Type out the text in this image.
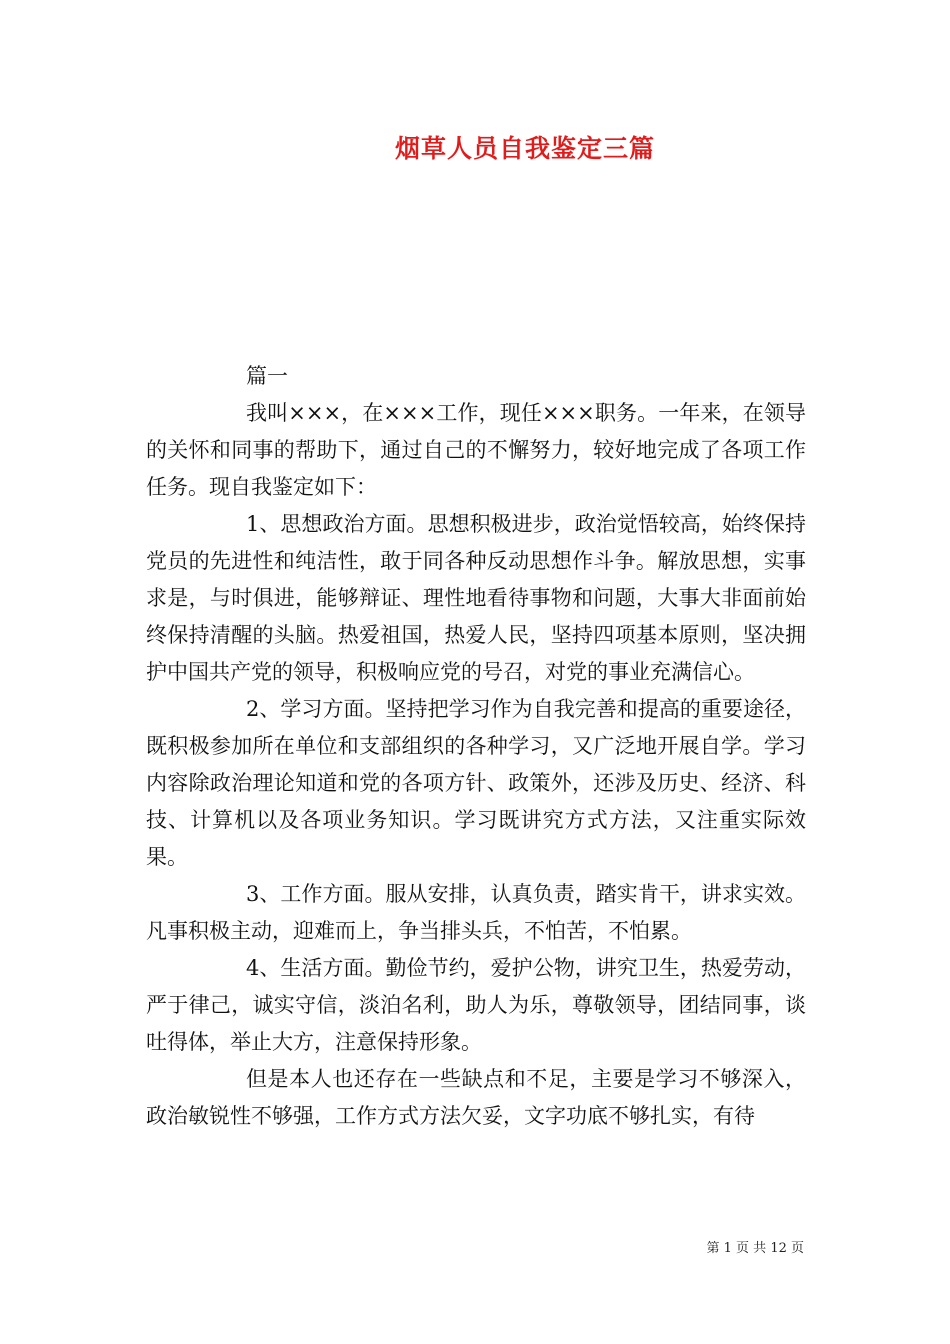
烟草人员自我鉴定三篇

篇一

我叫×××，在×××工作，现任×××职务。一年来，在领导的关怀和同事的帮助下，通过自己的不懈努力，较好地完成了各项工作任务。现自我鉴定如下：

1、思想政治方面。思想积极进步，政治觉悟较高，始终保持党员的先进性和纯洁性，敢于同各种反动思想作斗争。解放思想，实事求是，与时俱进，能够辩证、理性地看待事物和问题，大事大非面前始终保持清醒的头脑。热爱祖国，热爱人民，坚持四项基本原则，坚决拥护中国共产党的领导，积极响应党的号召，对党的事业充满信心。

2、学习方面。坚持把学习作为自我完善和提高的重要途径，既积极参加所在单位和支部组织的各种学习，又广泛地开展自学。学习内容除政治理论知道和党的各项方针、政策外，还涉及历史、经济、科技、计算机以及各项业务知识。学习既讲究方式方法，又注重实际效果。

3、工作方面。服从安排，认真负责，踏实肯干，讲求实效。凡事积极主动，迎难而上，争当排头兵，不怕苦，不怕累。

4、生活方面。勤俭节约，爱护公物，讲究卫生，热爱劳动，严于律己，诚实守信，淡泊名利，助人为乐，尊敬领导，团结同事，谈吐得体，举止大方，注意保持形象。

但是本人也还存在一些缺点和不足，主要是学习不够深入，政治敏锐性不够强，工作方式方法欠妥，文字功底不够扎实，有待

第 1 页 共 12 页
